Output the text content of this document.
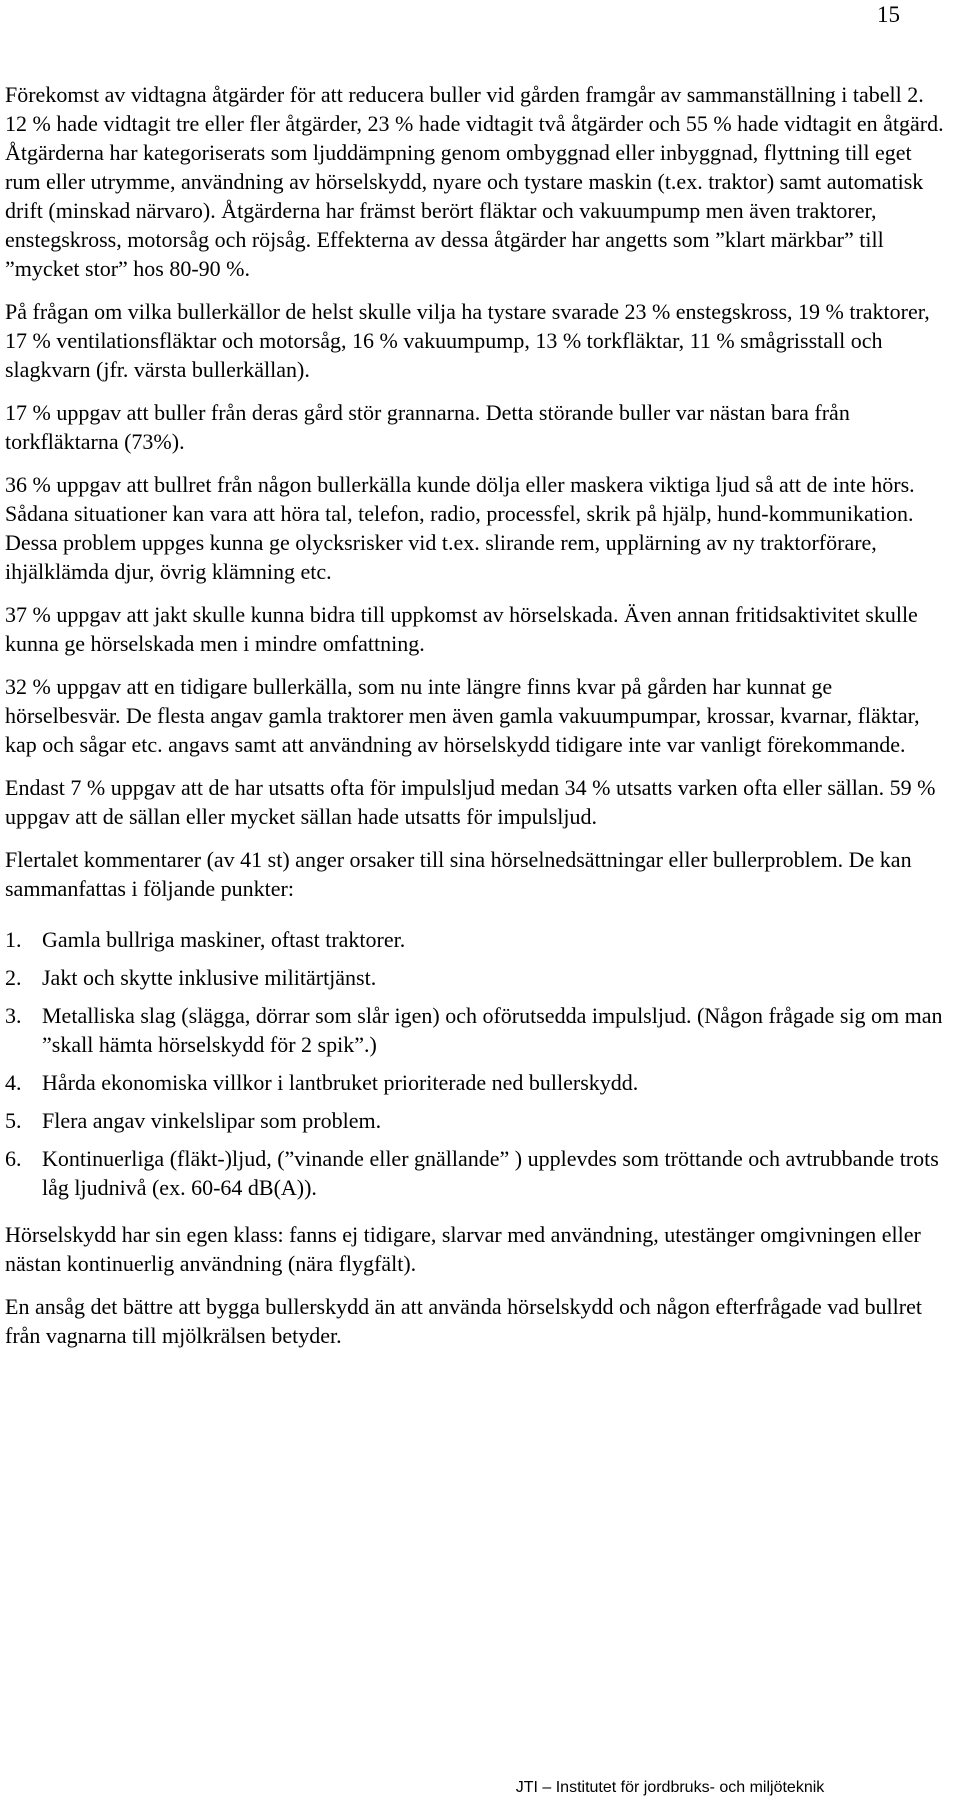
15

Förekomst av vidtagna åtgärder för att reducera buller vid gården framgår av sammanställning i tabell 2. 12 % hade vidtagit tre eller fler åtgärder, 23 % hade vidtagit två åtgärder och 55 % hade vidtagit en åtgärd. Åtgärderna har kategoriserats som ljuddämpning genom ombyggnad eller inbyggnad, flyttning till eget rum eller utrymme, användning av hörselskydd, nyare och tystare maskin (t.ex. traktor) samt automatisk drift (minskad närvaro). Åtgärderna har främst berört fläktar och vakuumpump men även traktorer, enstegskross, motorsåg och röjsåg. Effekterna av dessa åtgärder har angetts som ”klart märkbar” till ”mycket stor” hos 80-90 %.

På frågan om vilka bullerkällor de helst skulle vilja ha tystare svarade 23 % enstegskross, 19 % traktorer, 17 % ventilationsfläktar och motorsåg, 16 % vakuumpump, 13 % torkfläktar, 11 % smågrisstall och slagkvarn (jfr. värsta bullerkällan).

17 % uppgav att buller från deras gård stör grannarna. Detta störande buller var nästan bara från torkfläktarna (73%).

36 % uppgav att bullret från någon bullerkälla kunde dölja eller maskera viktiga ljud så att de inte hörs. Sådana situationer kan vara att höra tal, telefon, radio, processfel, skrik på hjälp, hund-kommunikation. Dessa problem uppges kunna ge olycksrisker vid t.ex. slirande rem, upplärning av ny traktorförare, ihjälklämda djur, övrig klämning etc.

37 % uppgav att jakt skulle kunna bidra till uppkomst av hörselskada. Även annan fritidsaktivitet skulle kunna ge hörselskada men i mindre omfattning.

32 % uppgav att en tidigare bullerkälla, som nu inte längre finns kvar på gården har kunnat ge hörselbesvär. De flesta angav gamla traktorer men även gamla vakuumpumpar, krossar, kvarnar, fläktar, kap och sågar etc. angavs samt att användning av hörselskydd tidigare inte var vanligt förekommande.

Endast 7 % uppgav att de har utsatts ofta för impulsljud medan 34 % utsatts varken ofta eller sällan. 59 % uppgav att de sällan eller mycket sällan hade utsatts för impulsljud.

Flertalet kommentarer (av 41 st) anger orsaker till sina hörselnedsättningar eller bullerproblem. De kan sammanfattas i följande punkter:

1. Gamla bullriga maskiner, oftast traktorer.
2. Jakt och skytte inklusive militärtjänst.
3. Metalliska slag (slägga, dörrar som slår igen) och oförutsedda impulsljud. (Någon frågade sig om man ”skall hämta hörselskydd för 2 spik”.)
4. Hårda ekonomiska villkor i lantbruket prioriterade ned bullerskydd.
5. Flera angav vinkelslipar som problem.
6. Kontinuerliga (fläkt-)ljud, (”vinande eller gnällande” ) upplevdes som tröttande och avtrubbande trots låg ljudnivå (ex. 60-64 dB(A)).

Hörselskydd har sin egen klass: fanns ej tidigare, slarvar med användning, utestänger omgivningen eller nästan kontinuerlig användning (nära flygfält).

En ansåg det bättre att bygga bullerskydd än att använda hörselskydd och någon efterfrågade vad bullret från vagnarna till mjölkrälsen betyder.

JTI – Institutet för jordbruks- och miljöteknik
